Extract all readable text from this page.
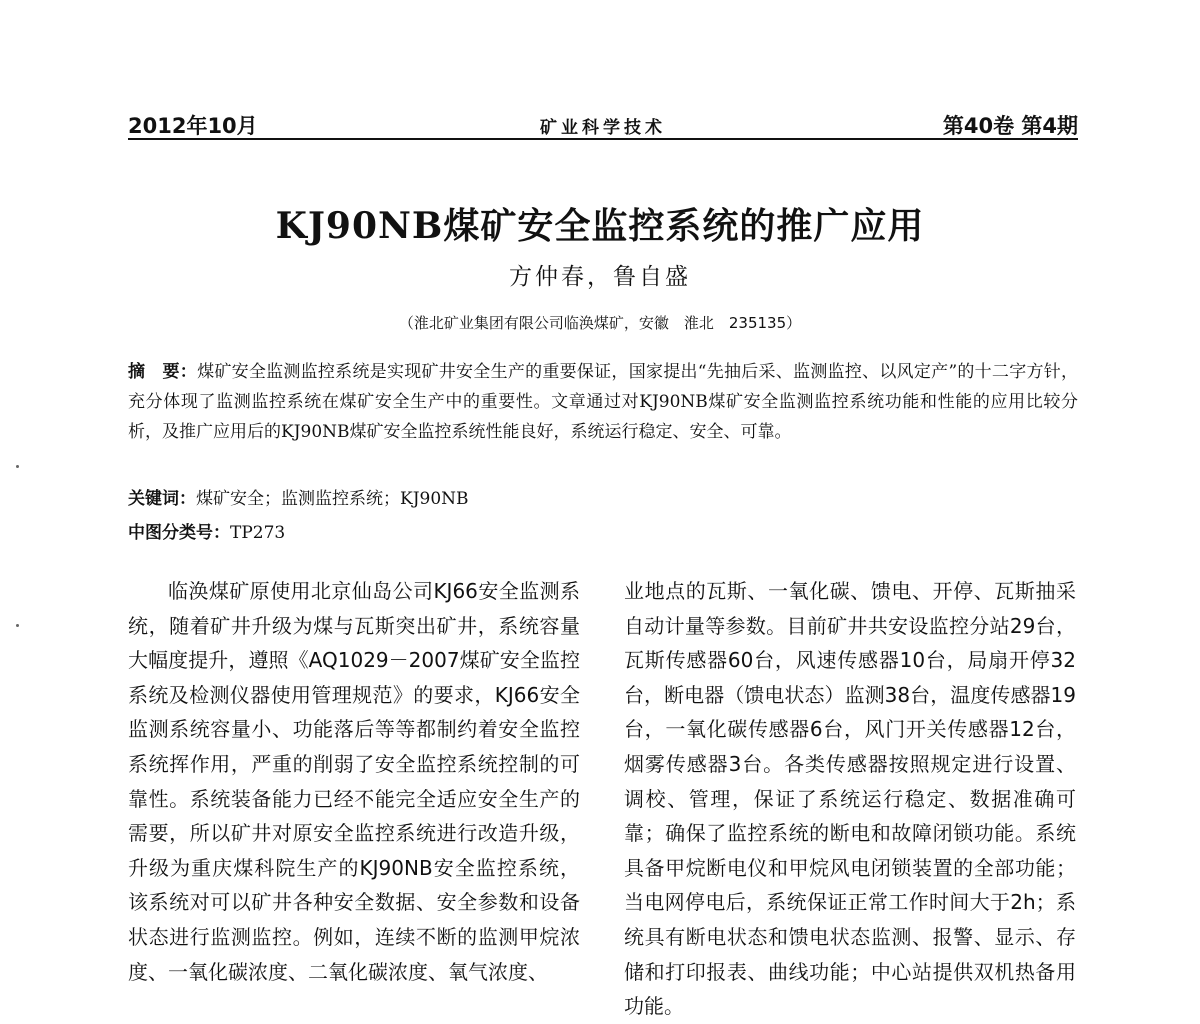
2012年10月	矿业科学技术	第40卷 第4期
KJ90NB煤矿安全监控系统的推广应用
方仲春，鲁自盛
（淮北矿业集团有限公司临涣煤矿，安徽　淮北　235135）
摘　要：煤矿安全监测监控系统是实现矿井安全生产的重要保证，国家提出“先抽后采、监测监控、以风定产”的十二字方针，充分体现了监测监控系统在煤矿安全生产中的重要性。文章通过对KJ90NB煤矿安全监测监控系统功能和性能的应用比较分析，及推广应用后的KJ90NB煤矿安全监控系统性能良好，系统运行稳定、安全、可靠。
关键词：煤矿安全；监测监控系统；KJ90NB
中图分类号：TP273
临涣煤矿原使用北京仙岛公司KJ66安全监测系统，随着矿井升级为煤与瓦斯突出矿井，系统容量大幅度提升，遵照《AQ1029－2007煤矿安全监控系统及检测仪器使用管理规范》的要求，KJ66安全监测系统容量小、功能落后等等都制约着安全监控系统挥作用，严重的削弱了安全监控系统控制的可靠性。系统装备能力已经不能完全适应安全生产的需要，所以矿井对原安全监控系统进行改造升级，升级为重庆煤科院生产的KJ90NB安全监控系统，该系统对可以矿井各种安全数据、安全参数和设备状态进行监测监控。例如，连续不断的监测甲烷浓度、一氧化碳浓度、二氧化碳浓度、氧气浓度、
业地点的瓦斯、一氧化碳、馈电、开停、瓦斯抽采自动计量等参数。目前矿井共安设监控分站29台，瓦斯传感器60台，风速传感器10台，局扇开停32台，断电器（馈电状态）监测38台，温度传感器19台，一氧化碳传感器6台，风门开关传感器12台，烟雾传感器3台。各类传感器按照规定进行设置、调校、管理，保证了系统运行稳定、数据准确可靠；确保了监控系统的断电和故障闭锁功能。系统具备甲烷断电仪和甲烷风电闭锁装置的全部功能；当电网停电后，系统保证正常工作时间大于2h；系统具有断电状态和馈电状态监测、报警、显示、存储和打印报表、曲线功能；中心站提供双机热备用功能。
